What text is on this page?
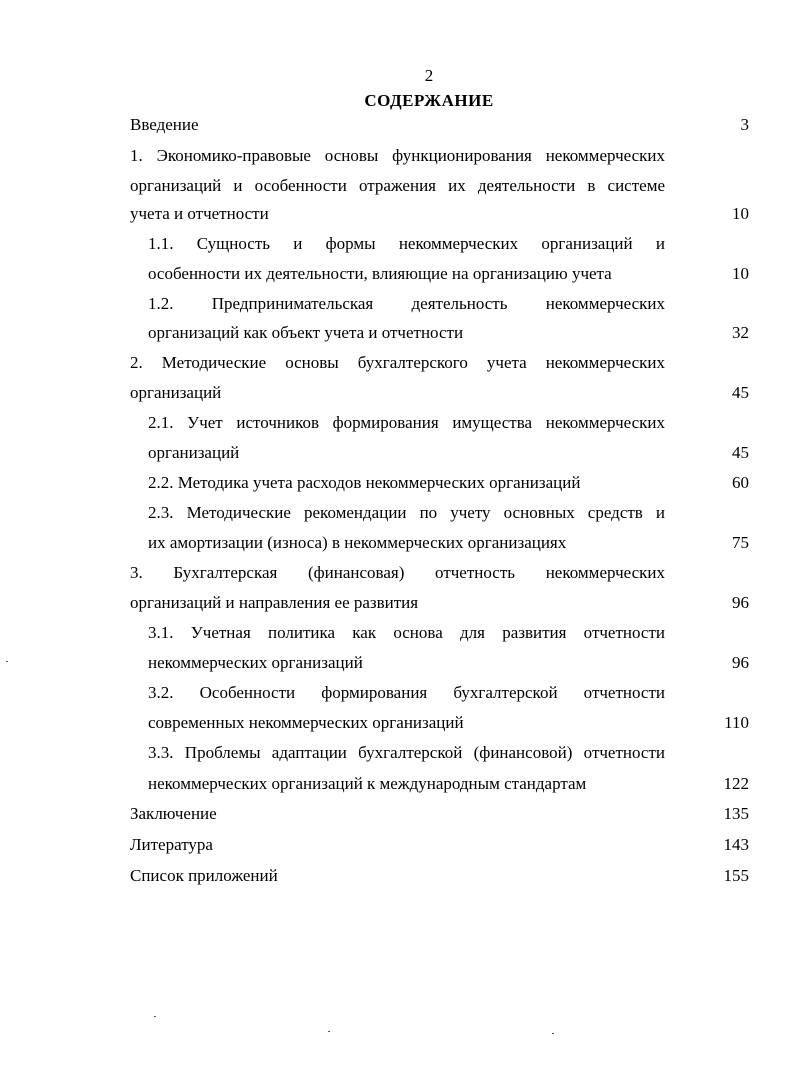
2
СОДЕРЖАНИЕ
Введение	3
1. Экономико-правовые основы функционирования некоммерческих
организаций и особенности отражения их деятельности в системе
учета и отчетности	10
1.1. Сущность и формы некоммерческих организаций и
особенности их деятельности, влияющие на организацию учета	10
1.2. Предпринимательская деятельность некоммерческих
организаций как объект учета и отчетности	32
2. Методические основы бухгалтерского учета некоммерческих
организаций	45
2.1. Учет источников формирования имущества некоммерческих
организаций	45
2.2. Методика учета расходов некоммерческих организаций	60
2.3. Методические рекомендации по учету основных средств и
их амортизации (износа) в некоммерческих организациях	75
3. Бухгалтерская (финансовая) отчетность некоммерческих
организаций и направления ее развития	96
3.1. Учетная политика как основа для развития отчетности
некоммерческих организаций	96
3.2. Особенности формирования бухгалтерской отчетности
современных некоммерческих организаций	110
3.3. Проблемы адаптации бухгалтерской (финансовой) отчетности
некоммерческих организаций к международным стандартам	122
Заключение	135
Литература	143
Список приложений	155
